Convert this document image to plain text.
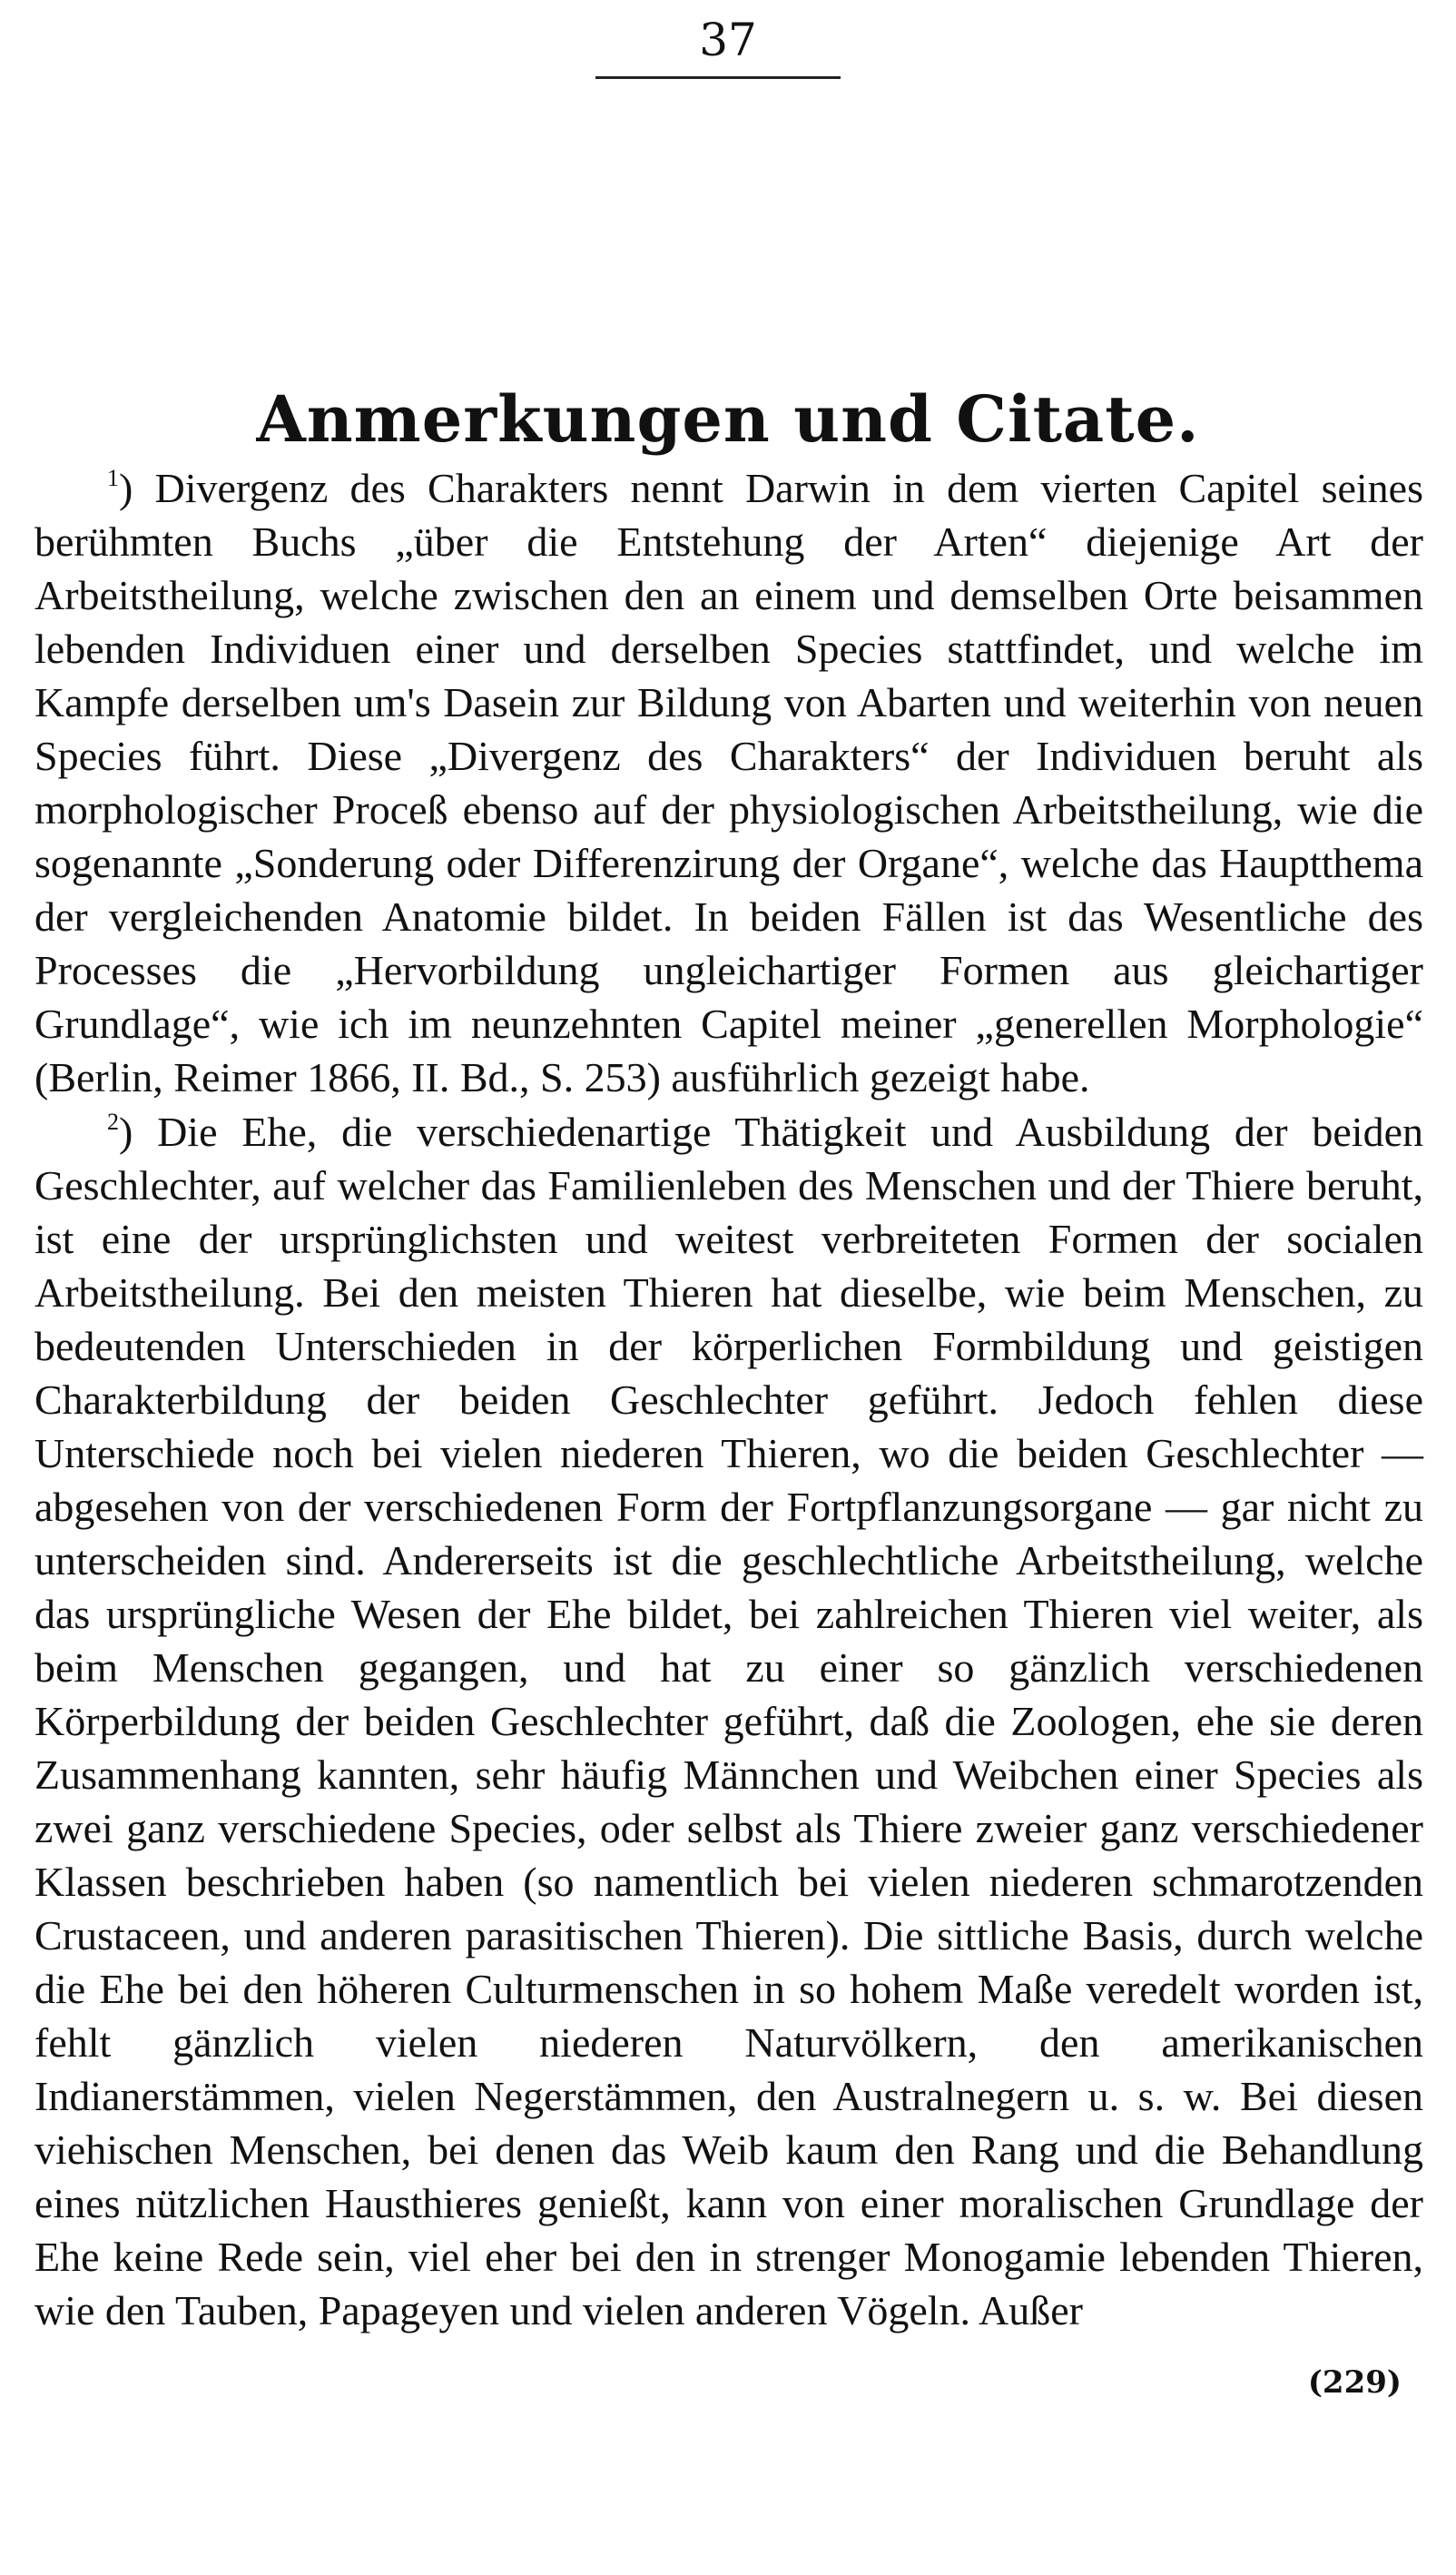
37
Anmerkungen und Citate.

$^1$) Divergenz des Charakters nennt Darwin in dem vierten Capitel seines berühmten Buchs „über die Entstehung der Arten“ diejenige Art der Arbeitstheilung, welche zwischen den an einem und demselben Orte beisammen lebenden Individuen einer und derselben Species stattfindet, und welche im Kampfe derselben um's Dasein zur Bildung von Abarten und weiterhin von neuen Species führt. Diese „Divergenz des Charakters“ der Individuen beruht als morphologischer Proceß ebenso auf der physiologischen Arbeitstheilung, wie die sogenannte „Sonderung oder Differenzirung der Organe“, welche das Hauptthema der vergleichenden Anatomie bildet. In beiden Fällen ist das Wesentliche des Processes die „Hervorbildung ungleichartiger Formen aus gleichartiger Grundlage“, wie ich im neunzehnten Capitel meiner „generellen Morphologie“ (Berlin, Reimer 1866, II. Bd., S. 253) ausführlich gezeigt habe.

$^2$) Die Ehe, die verschiedenartige Thätigkeit und Ausbildung der beiden Geschlechter, auf welcher das Familienleben des Menschen und der Thiere beruht, ist eine der ursprünglichsten und weitest verbreiteten Formen der socialen Arbeitstheilung. Bei den meisten Thieren hat dieselbe, wie beim Menschen, zu bedeutenden Unterschieden in der körperlichen Formbildung und geistigen Charakterbildung der beiden Geschlechter geführt. Jedoch fehlen diese Unterschiede noch bei vielen niederen Thieren, wo die beiden Geschlechter — abgesehen von der verschiedenen Form der Fortpflanzungsorgane — gar nicht zu unterscheiden sind. Andererseits ist die geschlechtliche Arbeitstheilung, welche das ursprüngliche Wesen der Ehe bildet, bei zahlreichen Thieren viel weiter, als beim Menschen gegangen, und hat zu einer so gänzlich verschiedenen Körperbildung der beiden Geschlechter geführt, daß die Zoologen, ehe sie deren Zusammenhang kannten, sehr häufig Männchen und Weibchen einer Species als zwei ganz verschiedene Species, oder selbst als Thiere zweier ganz verschiedener Klassen beschrieben haben (so namentlich bei vielen niederen schmarotzenden Crustaceen, und anderen parasitischen Thieren). Die sittliche Basis, durch welche die Ehe bei den höheren Culturmenschen in so hohem Maße veredelt worden ist, fehlt gänzlich vielen niederen Naturvölkern, den amerikanischen Indianerstämmen, vielen Negerstämmen, den Australnegern u. s. w. Bei diesen viehischen Menschen, bei denen das Weib kaum den Rang und die Behandlung eines nützlichen Hausthieres genießt, kann von einer moralischen Grundlage der Ehe keine Rede sein, viel eher bei den in strenger Monogamie lebenden Thieren, wie den Tauben, Papageyen und vielen anderen Vögeln. Außer

(229)
